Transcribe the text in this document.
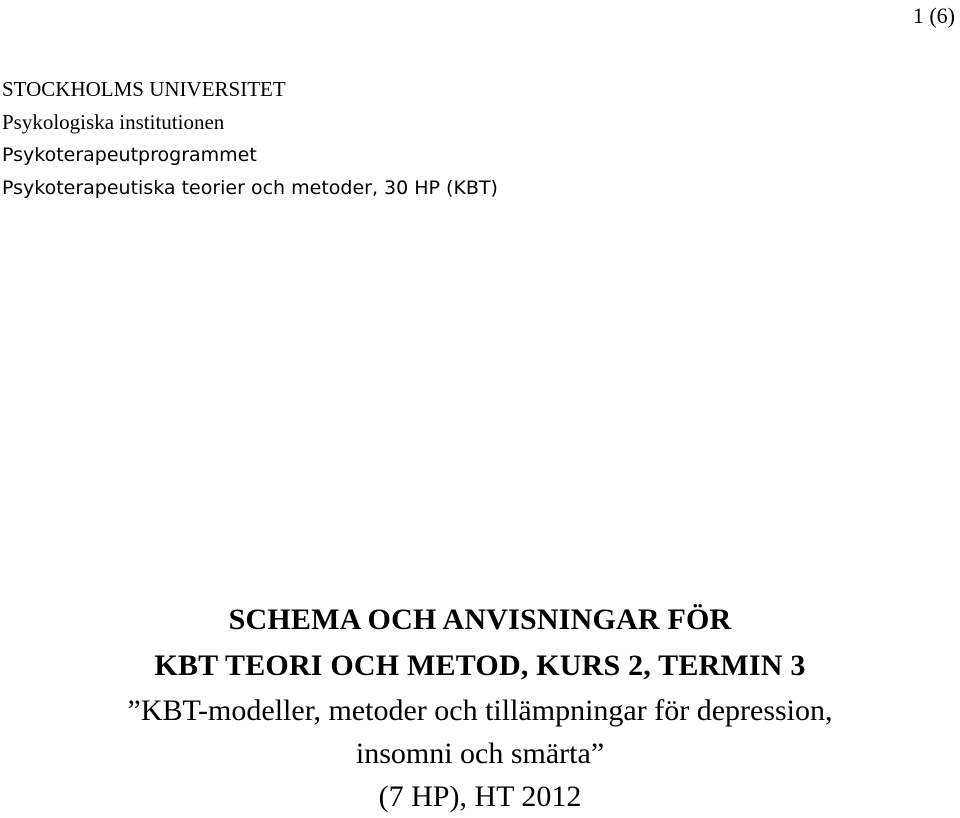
1 (6)
STOCKHOLMS UNIVERSITET
Psykologiska institutionen
Psykoterapeutprogrammet
Psykoterapeutiska teorier och metoder, 30 HP (KBT)
SCHEMA OCH ANVISNINGAR FÖR
KBT TEORI OCH METOD, KURS 2, TERMIN 3
”KBT-modeller, metoder och tillämpningar för depression,
insomni och smärta”
(7 HP), HT 2012
